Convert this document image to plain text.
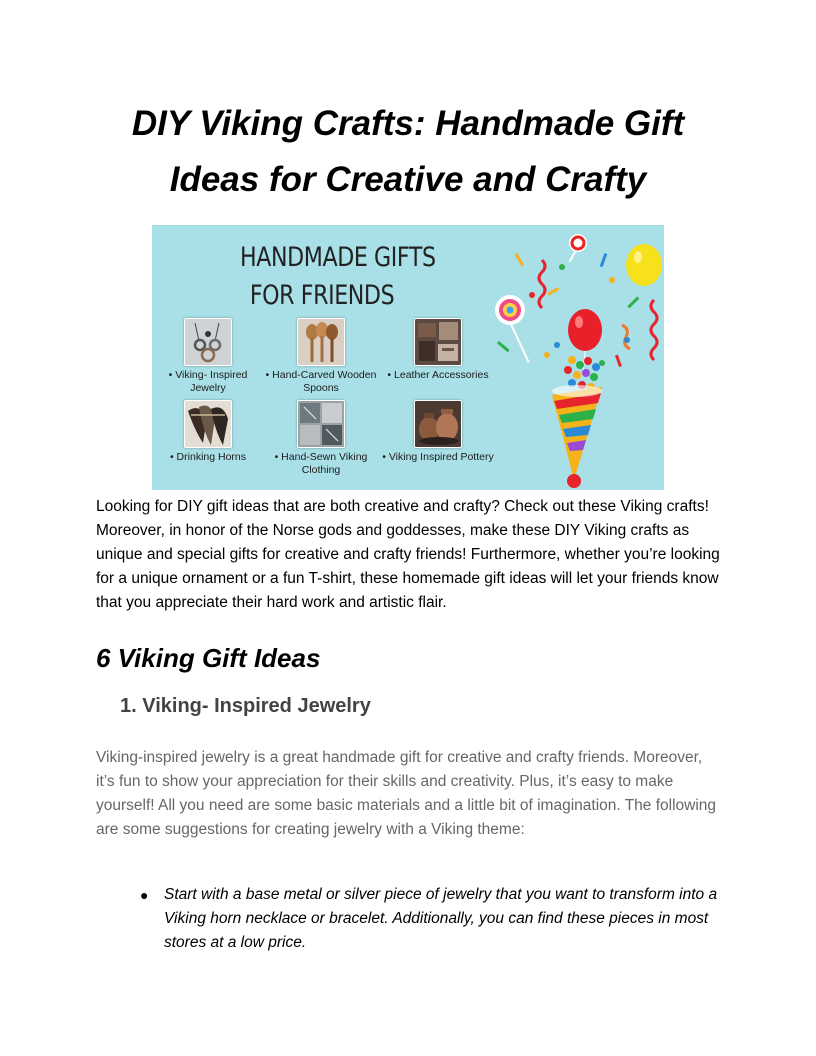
DIY Viking Crafts: Handmade Gift Ideas for Creative and Crafty
HANDMADE GIFTS
FOR FRIENDS
• Viking- Inspired Jewelry
• Hand-Carved Wooden Spoons
• Leather Accessories
• Drinking Horns	• Hand-Sewn Viking Clothing
• Viking Inspired Pottery

Looking for DIY gift ideas that are both creative and crafty? Check out these Viking crafts! Moreover, in honor of the Norse gods and goddesses, make these DIY Viking crafts as unique and special gifts for creative and crafty friends! Furthermore, whether you’re looking for a unique ornament or a fun T-shirt, these homemade gift ideas will let your friends know that you appreciate their hard work and artistic flair.

6 Viking Gift Ideas
1. Viking- Inspired Jewelry

Viking-inspired jewelry is a great handmade gift for creative and crafty friends. Moreover, it’s fun to show your appreciation for their skills and creativity. Plus, it’s easy to make yourself! All you need are some basic materials and a little bit of imagination. The following are some suggestions for creating jewelry with a Viking theme:

● Start with a base metal or silver piece of jewelry that you want to transform into a Viking horn necklace or bracelet. Additionally, you can find these pieces in most stores at a low price.
